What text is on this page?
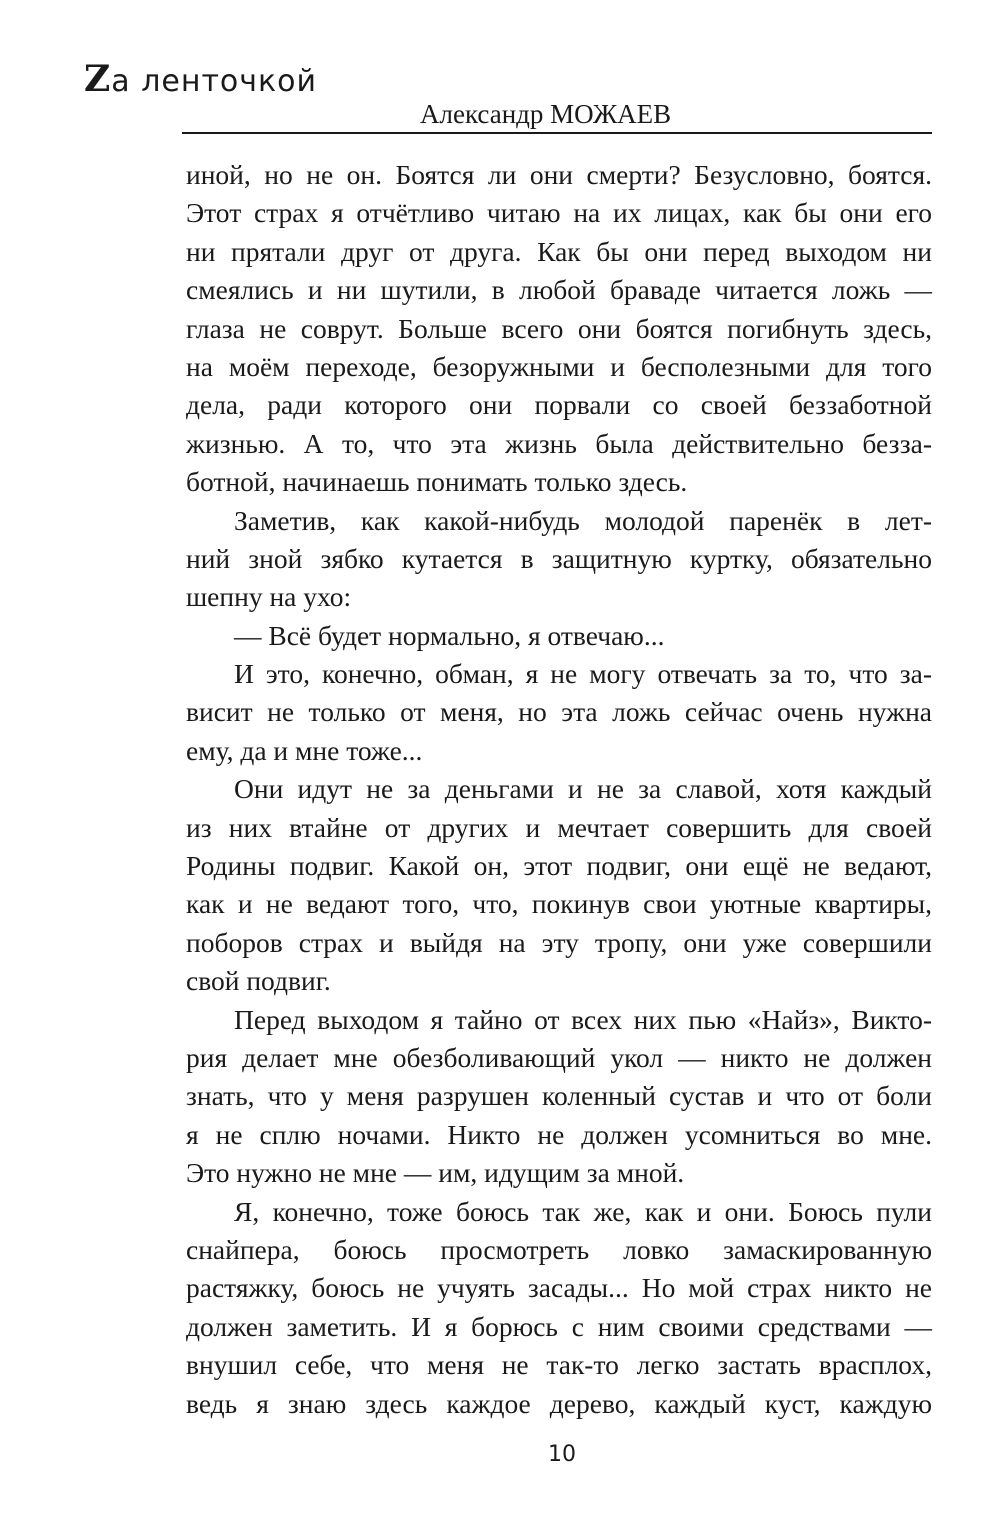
Zа ленточкой
Александр МОЖАЕВ
иной, но не он. Боятся ли они смерти? Безусловно, боятся.
Этот страх я отчётливо читаю на их лицах, как бы они его
ни прятали друг от друга. Как бы они перед выходом ни
смеялись и ни шутили, в любой браваде читается ложь —
глаза не соврут. Больше всего они боятся погибнуть здесь,
на моём переходе, безоружными и бесполезными для того
дела, ради которого они порвали со своей беззаботной
жизнью. А то, что эта жизнь была действительно безза-
ботной, начинаешь понимать только здесь.
Заметив, как какой-нибудь молодой паренёк в лет-
ний зной зябко кутается в защитную куртку, обязательно
шепну на ухо:
— Всё будет нормально, я отвечаю...
И это, конечно, обман, я не могу отвечать за то, что за-
висит не только от меня, но эта ложь сейчас очень нужна
ему, да и мне тоже...
Они идут не за деньгами и не за славой, хотя каждый
из них втайне от других и мечтает совершить для своей
Родины подвиг. Какой он, этот подвиг, они ещё не ведают,
как и не ведают того, что, покинув свои уютные квартиры,
поборов страх и выйдя на эту тропу, они уже совершили
свой подвиг.
Перед выходом я тайно от всех них пью «Найз», Викто-
рия делает мне обезболивающий укол — никто не должен
знать, что у меня разрушен коленный сустав и что от боли
я не сплю ночами. Никто не должен усомниться во мне.
Это нужно не мне — им, идущим за мной.
Я, конечно, тоже боюсь так же, как и они. Боюсь пули
снайпера, боюсь просмотреть ловко замаскированную
растяжку, боюсь не учуять засады... Но мой страх никто не
должен заметить. И я борюсь с ним своими средствами —
внушил себе, что меня не так-то легко застать врасплох,
ведь я знаю здесь каждое дерево, каждый куст, каждую
10
